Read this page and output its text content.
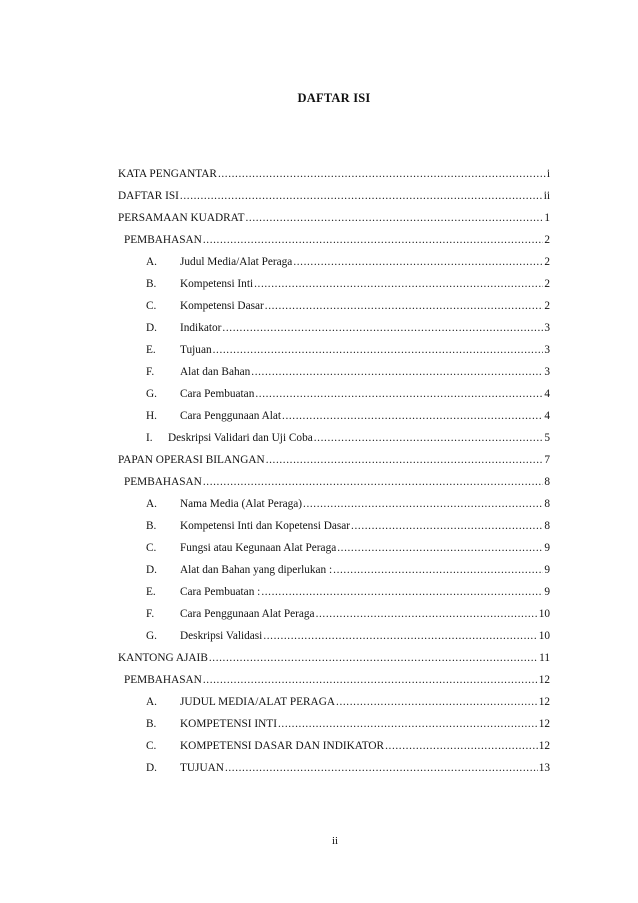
DAFTAR ISI
KATA PENGANTAR .....	i
DAFTAR ISI .....	ii
PERSAMAAN KUADRAT .....	1
PEMBAHASAN .....	2
A.	Judul Media/Alat Peraga .....	2
B.	Kompetensi Inti .....	2
C.	Kompetensi Dasar .....	2
D.	Indikator .....	3
E.	Tujuan .....	3
F.	Alat dan Bahan .....	3
G.	Cara Pembuatan .....	4
H.	Cara Penggunaan Alat .....	4
I.	Deskripsi Validari dan Uji Coba .....	5
PAPAN OPERASI BILANGAN .....	7
PEMBAHASAN .....	8
A.	Nama Media (Alat Peraga) .....	8
B.	Kompetensi Inti dan Kopetensi Dasar .....	8
C.	Fungsi atau Kegunaan Alat Peraga .....	9
D.	Alat dan Bahan yang diperlukan : .....	9
E.	Cara Pembuatan : .....	9
F.	Cara Penggunaan Alat Peraga .....	10
G.	Deskripsi Validasi .....	10
KANTONG AJAIB .....	11
PEMBAHASAN .....	12
A.	JUDUL MEDIA/ALAT PERAGA .....	12
B.	KOMPETENSI INTI .....	12
C.	KOMPETENSI DASAR DAN INDIKATOR .....	12
D.	TUJUAN .....	13
ii
